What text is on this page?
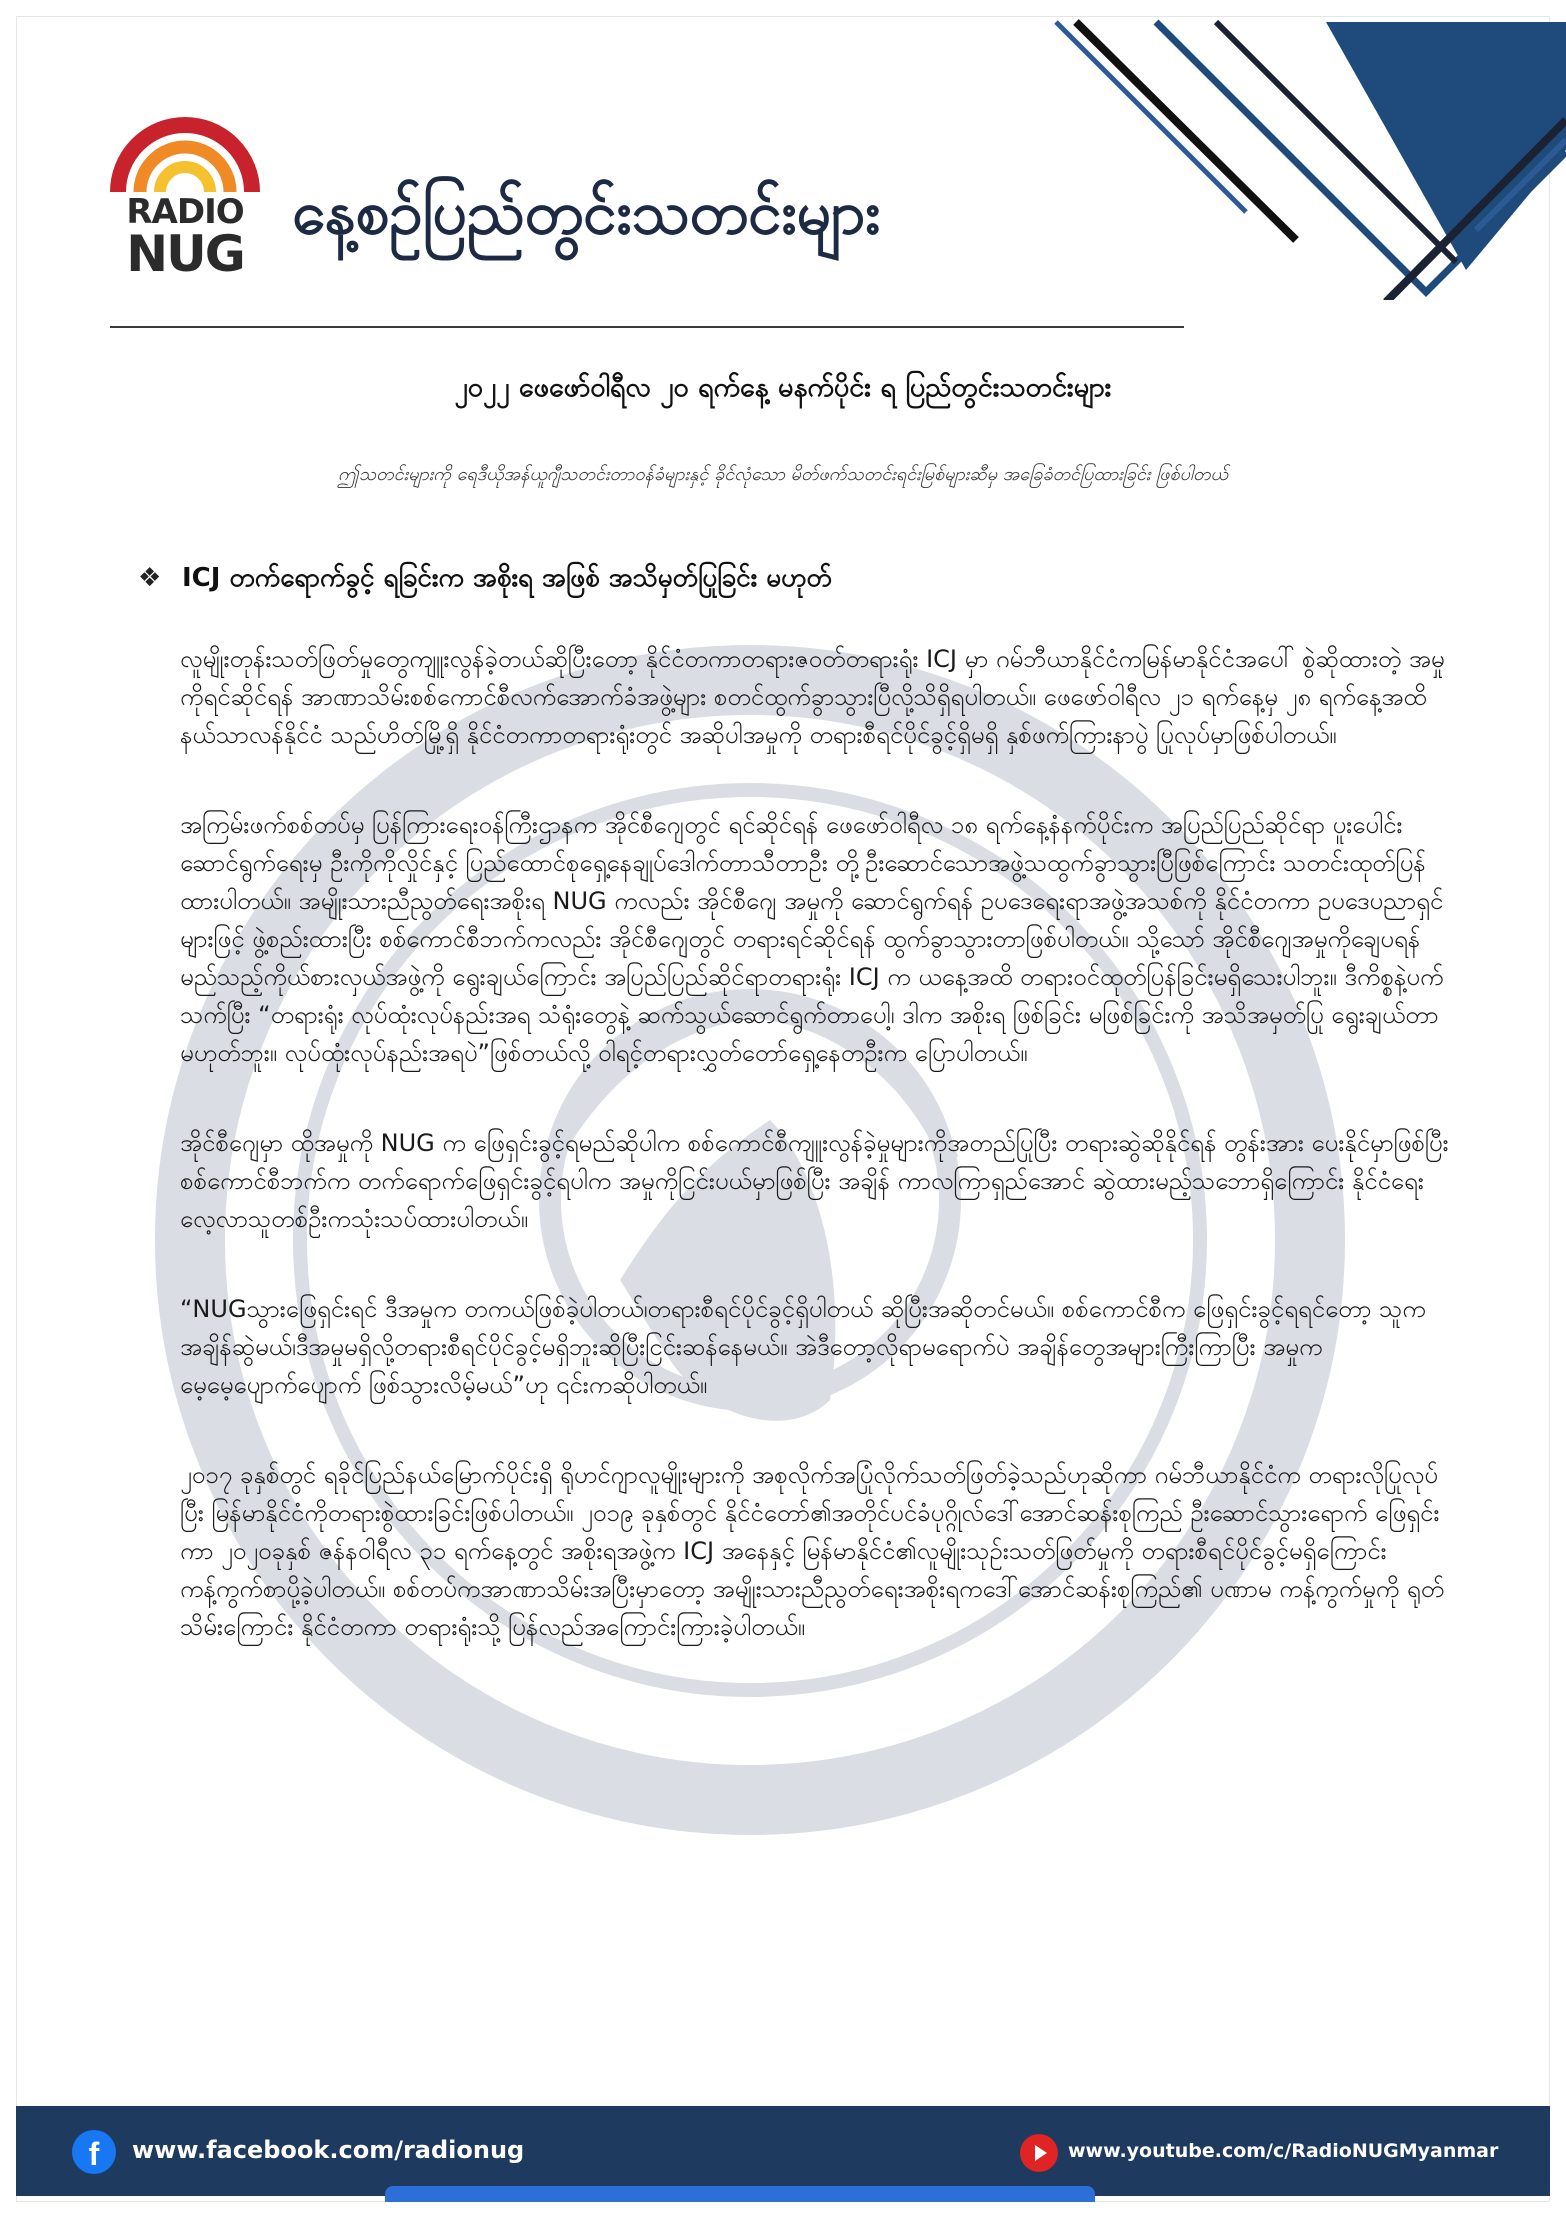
RADIO
NUG
နေ့စဉ်ပြည်တွင်းသတင်းများ

၂၀၂၂ ဖေဖော်ဝါရီလ ၂၀ ရက်နေ့ မနက်ပိုင်း ရ ပြည်တွင်းသတင်းများ

ဤသတင်းများကို ရေဒီယိုအန်ယူဂျီသတင်းတာဝန်ခံများနှင့် ခိုင်လုံသော မိတ်ဖက်သတင်းရင်းမြစ်များဆီမှ အခြေခံတင်ပြထားခြင်း ဖြစ်ပါတယ်

❖ ICJ တက်ရောက်ခွင့် ရခြင်းက အစိုးရ အဖြစ် အသိမှတ်ပြုခြင်း မဟုတ်

လူမျိုးတုန်းသတ်ဖြတ်မှုတွေကျူးလွန်ခဲ့တယ်ဆိုပြီးတော့ နိုင်ငံတကာတရားဇဝတ်တရားရုံး ICJ မှာ ဂမ်ဘီယာနိုင်ငံကမြန်မာနိုင်ငံအပေါ် စွဲဆိုထားတဲ့ အမှုကိုရင်ဆိုင်ရန် အာဏာသိမ်းစစ်ကောင်စီလက်အောက်ခံအဖွဲ့များ စတင်ထွက်ခွာသွားပြီလို့သိရှိရပါတယ်။ ဖေဖော်ဝါရီလ ၂၁ ရက်နေ့မှ ၂၈ ရက်နေ့အထိ နယ်သာလန်နိုင်ငံ သည်ဟိတ်မြို့ရှိ နိုင်ငံတကာတရားရုံးတွင် အဆိုပါအမှုကို တရားစီရင်ပိုင်ခွင့်ရှိမရှိ နှစ်ဖက်ကြားနာပွဲ ပြုလုပ်မှာဖြစ်ပါတယ်။

အကြမ်းဖက်စစ်တပ်မှ ပြန်ကြားရေးဝန်ကြီးဌာနက အိုင်စီဂျေတွင် ရင်ဆိုင်ရန် ဖေဖော်ဝါရီလ ၁၈ ရက်နေ့နံနက်ပိုင်းက အပြည်ပြည်ဆိုင်ရာ ပူးပေါင်းဆောင်ရွက်ရေးမှ ဦးကိုကိုလှိုင်နှင့် ပြည်ထောင်စုရှေ့နေချုပ်ဒေါက်တာသီတာဦး တို့ဦးဆောင်သောအဖွဲ့သထွက်ခွာသွားပြီဖြစ်ကြောင်း သတင်းထုတ်ပြန်ထားပါတယ်။ အမျိုးသားညီညွတ်ရေးအစိုးရ NUG ကလည်း အိုင်စီဂျေ အမှုကို ဆောင်ရွက်ရန် ဥပဒေရေးရာအဖွဲ့အသစ်ကို နိုင်ငံတကာ ဥပဒေပညာရှင်များဖြင့် ဖွဲ့စည်းထားပြီး စစ်ကောင်စီဘက်ကလည်း အိုင်စီဂျေတွင် တရားရင်ဆိုင်ရန် ထွက်ခွာသွားတာဖြစ်ပါတယ်။ သို့သော် အိုင်စီဂျေအမှုကိုချေပရန် မည်သည့်ကိုယ်စားလှယ်အဖွဲ့ကို ရွေးချယ်ကြောင်း အပြည်ပြည်ဆိုင်ရာတရားရုံး ICJ က ယနေ့အထိ တရားဝင်ထုတ်ပြန်ခြင်းမရှိသေးပါဘူး။ ဒီကိစ္စနဲ့ပက်သက်ပြီး “တရားရုံး လုပ်ထုံးလုပ်နည်းအရ သံရုံးတွေနဲ့ ဆက်သွယ်ဆောင်ရွက်တာပေါ့၊ ဒါက အစိုးရ ဖြစ်ခြင်း မဖြစ်ခြင်းကို အသိအမှတ်ပြု ရွေးချယ်တာမဟုတ်ဘူး။ လုပ်ထုံးလုပ်နည်းအရပဲ”ဖြစ်တယ်လို့ ဝါရင့်တရားလွှတ်တော်ရှေ့နေတဦးက ပြောပါတယ်။

အိုင်စီဂျေမှာ ထိုအမှုကို NUG က ဖြေရှင်းခွင့်ရမည်ဆိုပါက စစ်ကောင်စီကျူးလွန်ခဲ့မှုများကိုအတည်ပြုပြီး တရားဆွဲဆိုနိုင်ရန် တွန်းအား ပေးနိုင်မှာဖြစ်ပြီး စစ်ကောင်စီဘက်က တက်ရောက်ဖြေရှင်းခွင့်ရပါက အမှုကိုငြင်းပယ်မှာဖြစ်ပြီး အချိန် ကာလကြာရှည်အောင် ဆွဲထားမည့်သဘောရှိကြောင်း နိုင်ငံရေးလေ့လာသူတစ်ဦးကသုံးသပ်ထားပါတယ်။

“NUGသွားဖြေရှင်းရင် ဒီအမှုက တကယ်ဖြစ်ခဲ့ပါတယ်၊တရားစီရင်ပိုင်ခွင့်ရှိပါတယ် ဆိုပြီးအဆိုတင်မယ်။ စစ်ကောင်စီက ဖြေရှင်းခွင့်ရရင်တော့ သူကအချိန်ဆွဲမယ်၊ဒီအမှုမရှိလို့တရားစီရင်ပိုင်ခွင့်မရှိဘူးဆိုပြီးငြင်းဆန်နေမယ်။ အဲဒီတော့လိုရာမရောက်ပဲ အချိန်တွေအများကြီးကြာပြီး အမှုကမေ့မေ့ပျောက်ပျောက် ဖြစ်သွားလိမ့်မယ်”ဟု ၎င်းကဆိုပါတယ်။

၂၀၁၇ ခုနှစ်တွင် ရခိုင်ပြည်နယ်မြောက်ပိုင်းရှိ ရိုဟင်ဂျာလူမျိုးများကို အစုလိုက်အပြုံလိုက်သတ်ဖြတ်ခဲ့သည်ဟုဆိုကာ ဂမ်ဘီယာနိုင်ငံက တရားလိုပြုလုပ်ပြီး မြန်မာနိုင်ငံကိုတရားစွဲထားခြင်းဖြစ်ပါတယ်။ ၂၀၁၉ ခုနှစ်တွင် နိုင်ငံတော်၏အတိုင်ပင်ခံပုဂ္ဂိုလ်ဒေါ်အောင်ဆန်းစုကြည် ဦးဆောင်သွားရောက် ဖြေရှင်းကာ ၂၀၂၀ခုနှစ် ဇန်နဝါရီလ ၃၁ ရက်နေ့တွင် အစိုးရအဖွဲ့က ICJ အနေနှင့် မြန်မာနိုင်ငံ၏လူမျိုးသုဉ်းသတ်ဖြတ်မှုကို တရားစီရင်ပိုင်ခွင့်မရှိကြောင်း ကန့်ကွက်စာပို့ခဲ့ပါတယ်။ စစ်တပ်ကအာဏာသိမ်းအပြီးမှာတော့ အမျိုးသားညီညွတ်ရေးအစိုးရကဒေါ်အောင်ဆန်းစုကြည်၏ ပဏာမ ကန့်ကွက်မှုကို ရုတ်သိမ်းကြောင်း နိုင်ငံတကာ တရားရုံးသို့ ပြန်လည်အကြောင်းကြားခဲ့ပါတယ်။

f	www.facebook.com/radionug	www.youtube.com/c/RadioNUGMyanmar
